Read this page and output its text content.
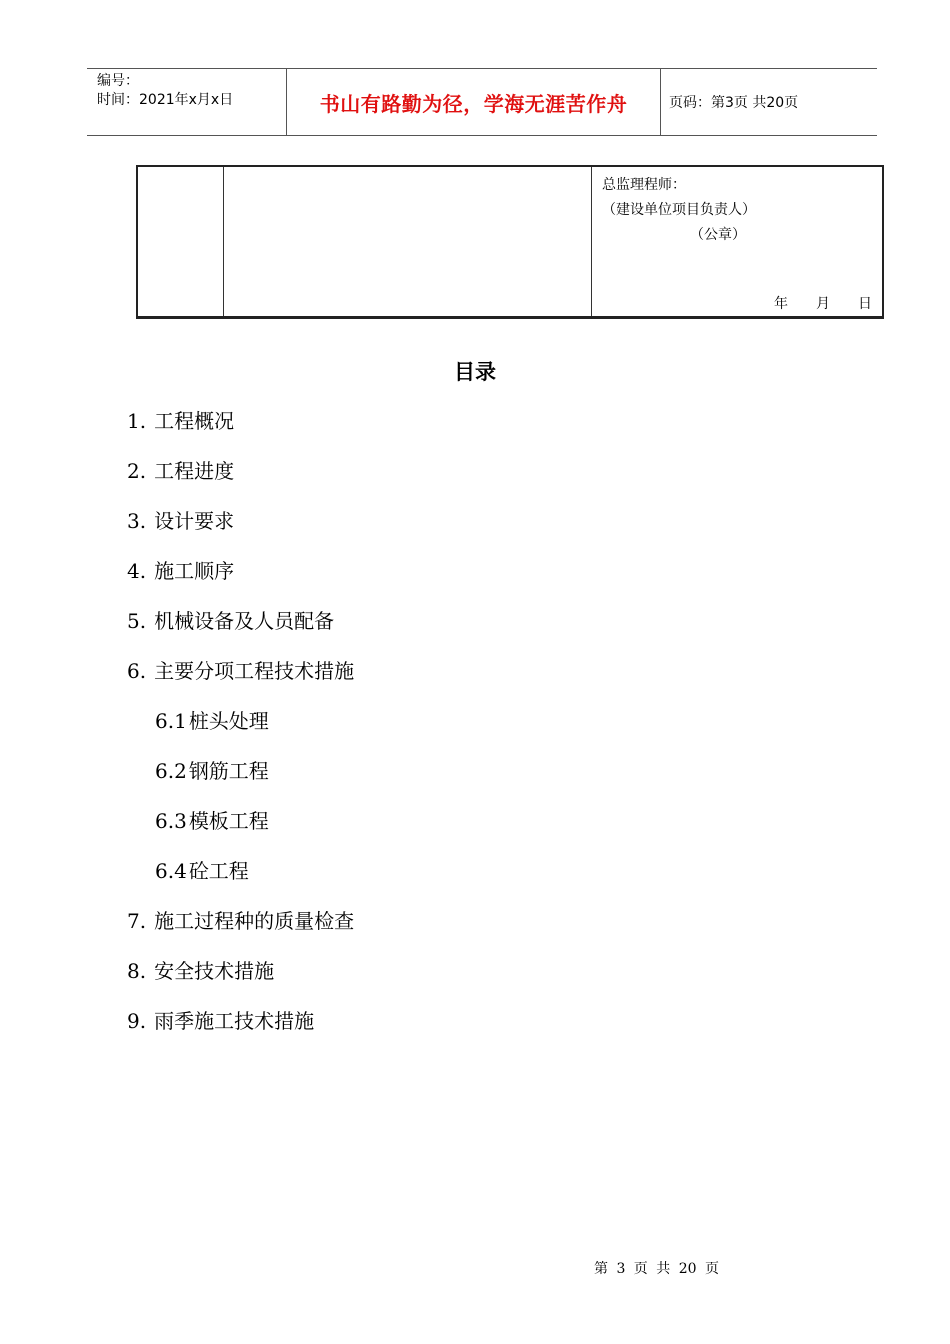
编号：
时间：2021年x月x日	书山有路勤为径，学海无涯苦作舟	页码：第3页 共20页
总监理程师：
（建设单位项目负责人）
（公章）
年 月 日
目录
1. 工程概况
2. 工程进度
3. 设计要求
4. 施工顺序
5. 机械设备及人员配备
6. 主要分项工程技术措施
6.1 桩头处理
6.2 钢筋工程
6.3 模板工程
6.4 砼工程
7. 施工过程种的质量检查
8. 安全技术措施
9. 雨季施工技术措施
第 3 页 共 20 页
